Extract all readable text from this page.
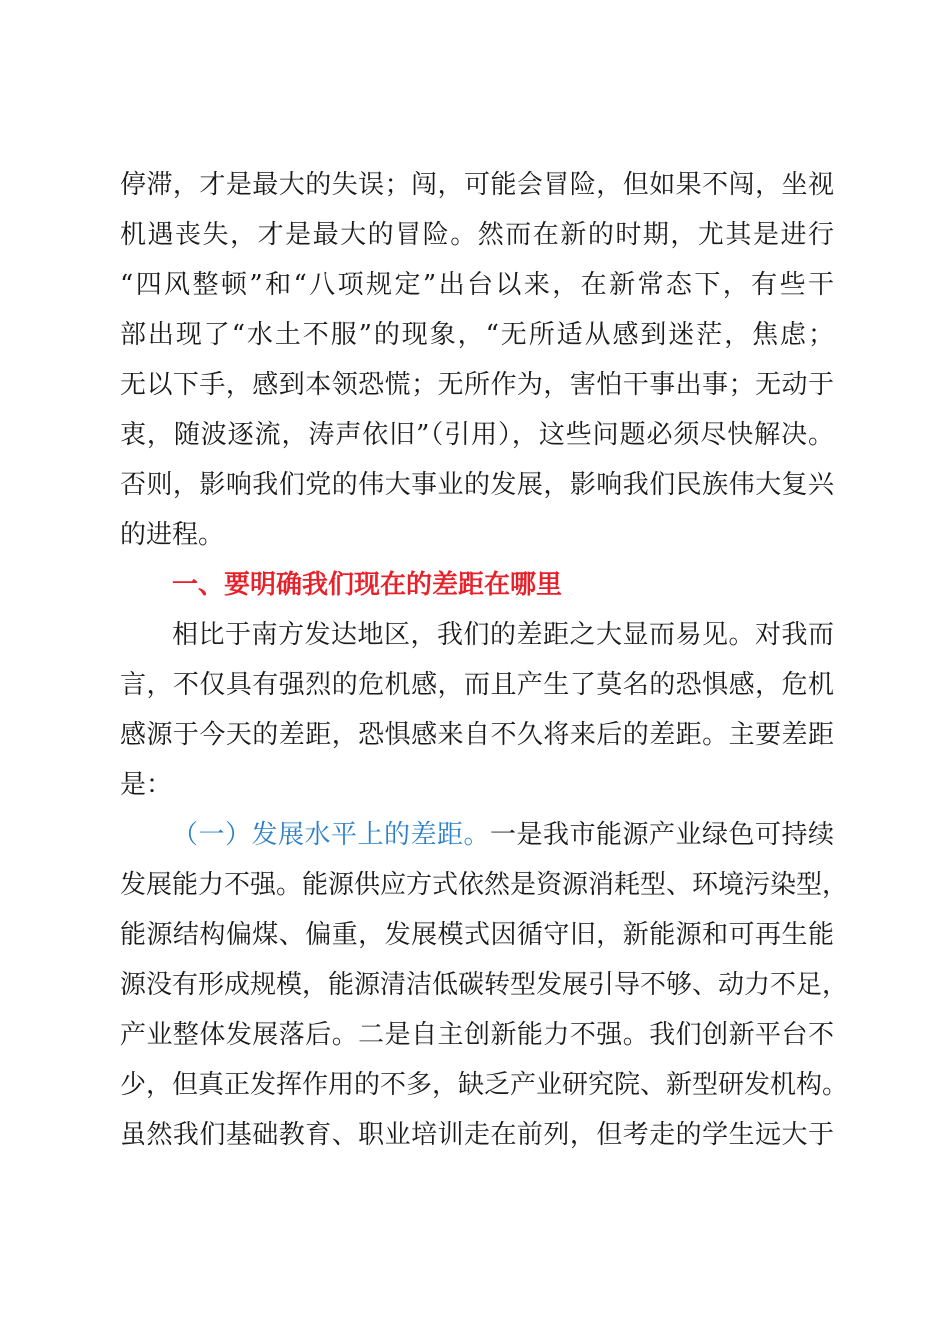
停滞，才是最大的失误；闯，可能会冒险，但如果不闯，坐视
机遇丧失，才是最大的冒险。然而在新的时期，尤其是进行
“四风整顿”和“八项规定”出台以来，在新常态下，有些干
部出现了“水土不服”的现象，“无所适从感到迷茫，焦虑；
无以下手，感到本领恐慌；无所作为，害怕干事出事；无动于
衷，随波逐流，涛声依旧”（引用），这些问题必须尽快解决。
否则，影响我们党的伟大事业的发展，影响我们民族伟大复兴
的进程。
一、要明确我们现在的差距在哪里
相比于南方发达地区，我们的差距之大显而易见。对我而
言，不仅具有强烈的危机感，而且产生了莫名的恐惧感，危机
感源于今天的差距，恐惧感来自不久将来后的差距。主要差距
是：
（一）发展水平上的差距。一是我市能源产业绿色可持续
发展能力不强。能源供应方式依然是资源消耗型、环境污染型，
能源结构偏煤、偏重，发展模式因循守旧，新能源和可再生能
源没有形成规模，能源清洁低碳转型发展引导不够、动力不足，
产业整体发展落后。二是自主创新能力不强。我们创新平台不
少，但真正发挥作用的不多，缺乏产业研究院、新型研发机构。
虽然我们基础教育、职业培训走在前列，但考走的学生远大于
